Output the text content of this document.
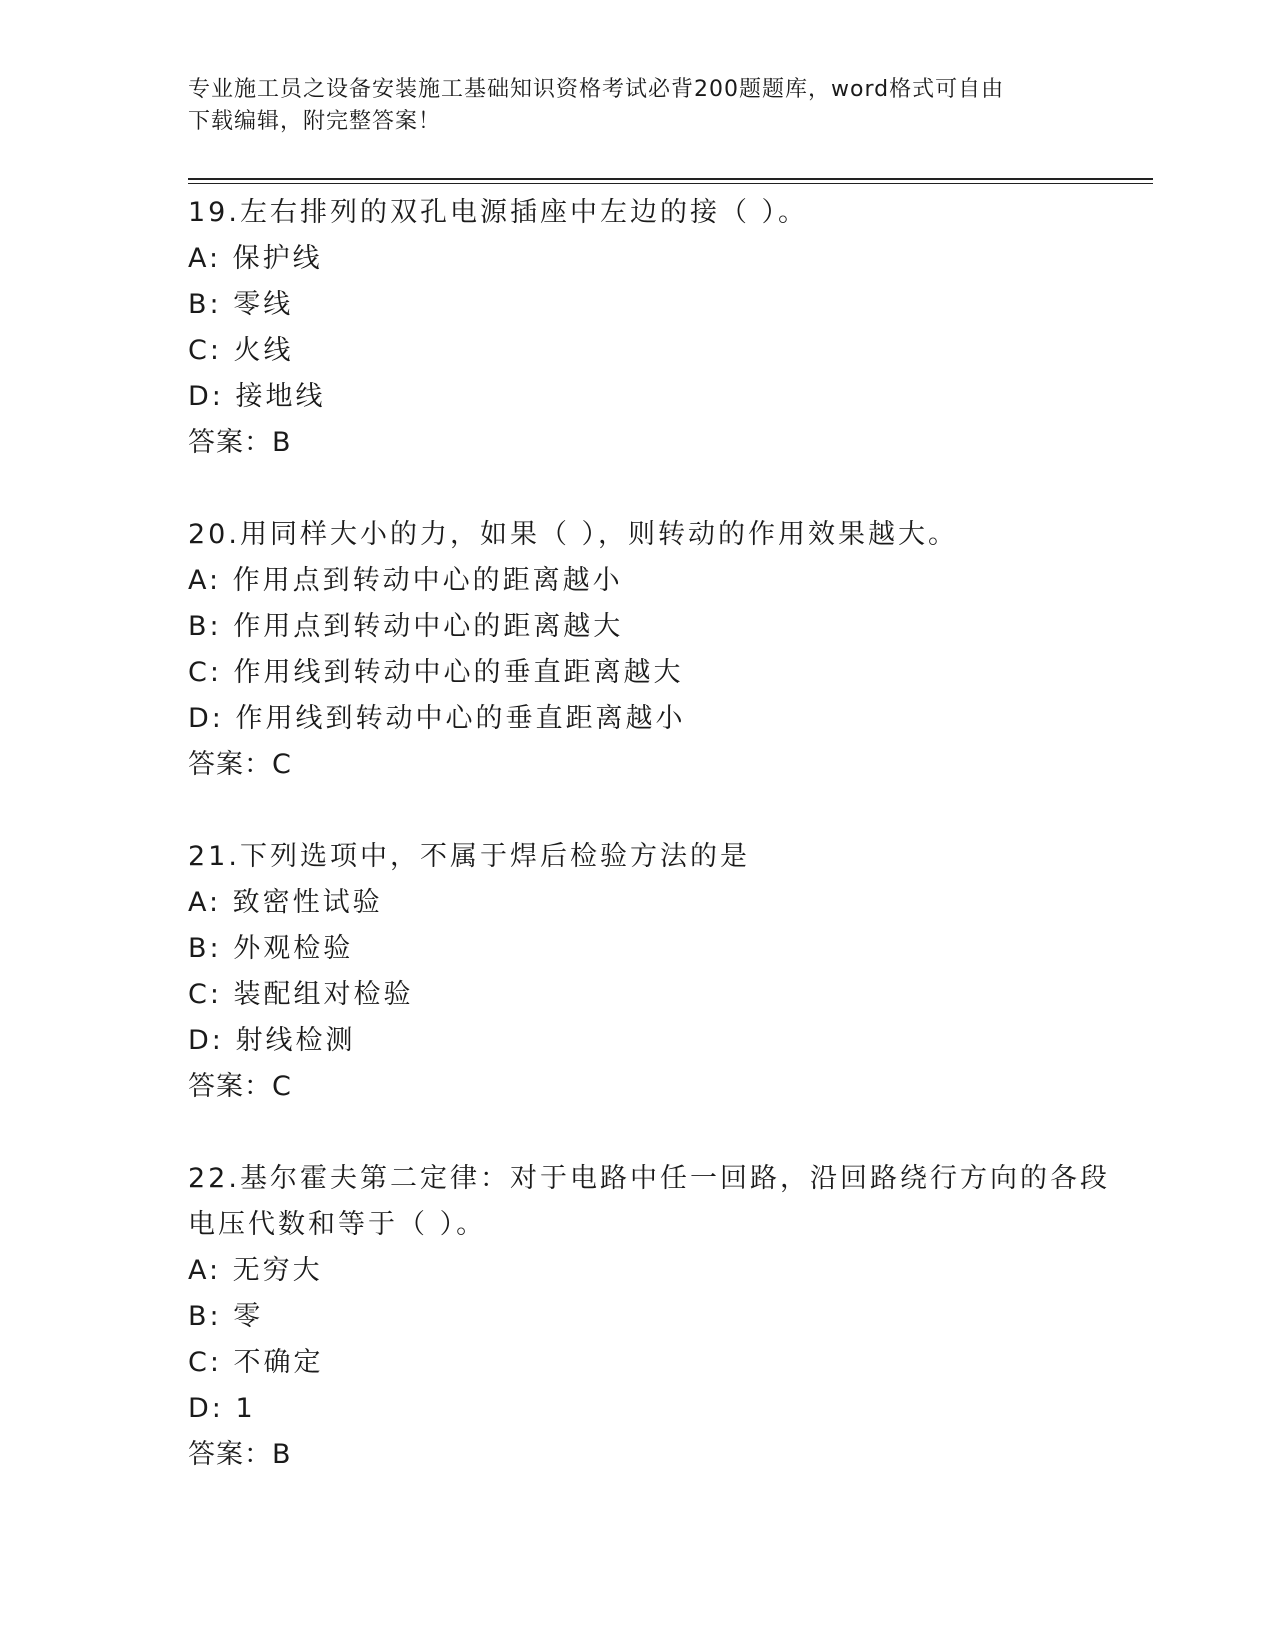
专业施工员之设备安装施工基础知识资格考试必背200题题库，word格式可自由
下载编辑，附完整答案！
19.左右排列的双孔电源插座中左边的接（ ）。
A: 保护线
B: 零线
C: 火线
D: 接地线
答案：B
20.用同样大小的力，如果（ ），则转动的作用效果越大。
A: 作用点到转动中心的距离越小
B: 作用点到转动中心的距离越大
C: 作用线到转动中心的垂直距离越大
D: 作用线到转动中心的垂直距离越小
答案：C
21.下列选项中，不属于焊后检验方法的是
A: 致密性试验
B: 外观检验
C: 装配组对检验
D: 射线检测
答案：C
22.基尔霍夫第二定律：对于电路中任一回路，沿回路绕行方向的各段
电压代数和等于（ ）。
A: 无穷大
B: 零
C: 不确定
D: 1
答案：B
